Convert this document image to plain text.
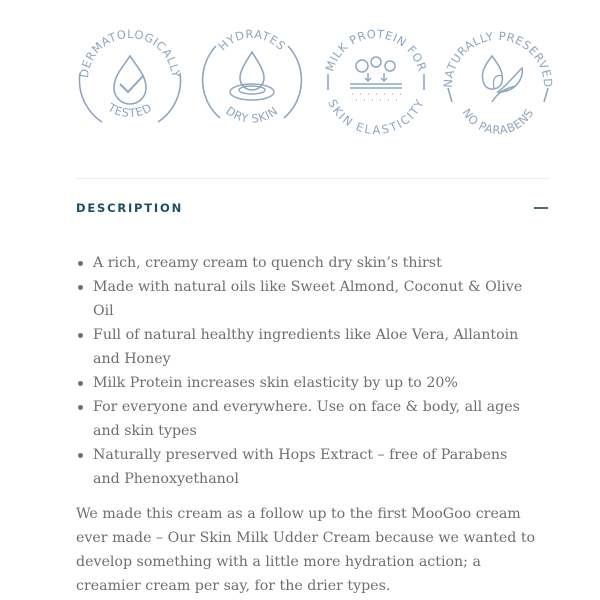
DERMATOLOGICALLY
TESTED
HYDRATES
DRY SKIN
MILK PROTEIN FOR
SKIN ELASTICITY
NATURALLY PRESERVED
NO PARABENS
DESCRIPTION
A rich, creamy cream to quench dry skin’s thirst
Made with natural oils like Sweet Almond, Coconut & Olive Oil
Full of natural healthy ingredients like Aloe Vera, Allantoin and Honey
Milk Protein increases skin elasticity by up to 20%
For everyone and everywhere. Use on face & body, all ages and skin types
Naturally preserved with Hops Extract – free of Parabens and Phenoxyethanol

We made this cream as a follow up to the first MooGoo cream ever made – Our Skin Milk Udder Cream because we wanted to develop something with a little more hydration action; a creamier cream per say, for the drier types.
